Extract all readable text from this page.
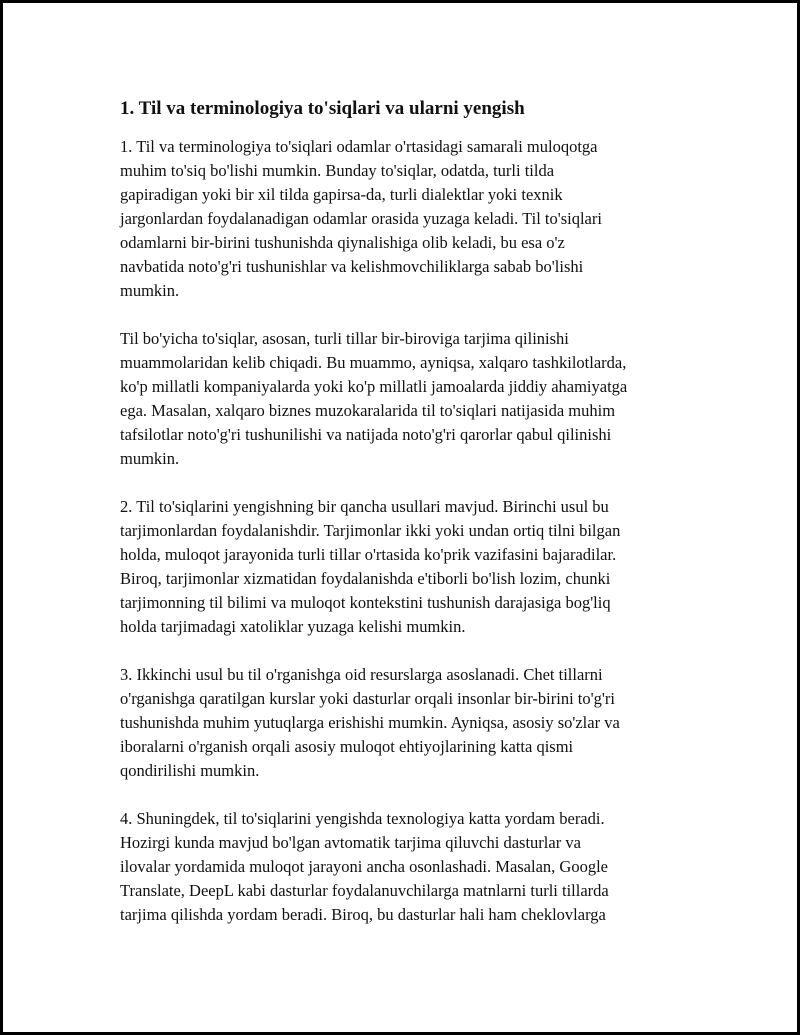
1. Til va terminologiya to'siqlari va ularni yengish
1. Til va terminologiya to'siqlari odamlar o'rtasidagi samarali muloqotga
muhim to'siq bo'lishi mumkin. Bunday to'siqlar, odatda, turli tilda
gapiradigan yoki bir xil tilda gapirsa-da, turli dialektlar yoki texnik
jargonlardan foydalanadigan odamlar orasida yuzaga keladi. Til to'siqlari
odamlarni bir-birini tushunishda qiynalishiga olib keladi, bu esa o'z
navbatida noto'g'ri tushunishlar va kelishmovchiliklarga sabab bo'lishi
mumkin.
Til bo'yicha to'siqlar, asosan, turli tillar bir-biroviga tarjima qilinishi
muammolaridan kelib chiqadi. Bu muammo, ayniqsa, xalqaro tashkilotlarda,
ko'p millatli kompaniyalarda yoki ko'p millatli jamoalarda jiddiy ahamiyatga
ega. Masalan, xalqaro biznes muzokaralarida til to'siqlari natijasida muhim
tafsilotlar noto'g'ri tushunilishi va natijada noto'g'ri qarorlar qabul qilinishi
mumkin.
2. Til to'siqlarini yengishning bir qancha usullari mavjud. Birinchi usul bu
tarjimonlardan foydalanishdir. Tarjimonlar ikki yoki undan ortiq tilni bilgan
holda, muloqot jarayonida turli tillar o'rtasida ko'prik vazifasini bajaradilar.
Biroq, tarjimonlar xizmatidan foydalanishda e'tiborli bo'lish lozim, chunki
tarjimonning til bilimi va muloqot kontekstini tushunish darajasiga bog'liq
holda tarjimadagi xatoliklar yuzaga kelishi mumkin.
3. Ikkinchi usul bu til o'rganishga oid resurslarga asoslanadi. Chet tillarni
o'rganishga qaratilgan kurslar yoki dasturlar orqali insonlar bir-birini to'g'ri
tushunishda muhim yutuqlarga erishishi mumkin. Ayniqsa, asosiy so'zlar va
iboralarni o'rganish orqali asosiy muloqot ehtiyojlarining katta qismi
qondirilishi mumkin.
4. Shuningdek, til to'siqlarini yengishda texnologiya katta yordam beradi.
Hozirgi kunda mavjud bo'lgan avtomatik tarjima qiluvchi dasturlar va
ilovalar yordamida muloqot jarayoni ancha osonlashadi. Masalan, Google
Translate, DeepL kabi dasturlar foydalanuvchilarga matnlarni turli tillarda
tarjima qilishda yordam beradi. Biroq, bu dasturlar hali ham cheklovlarga
